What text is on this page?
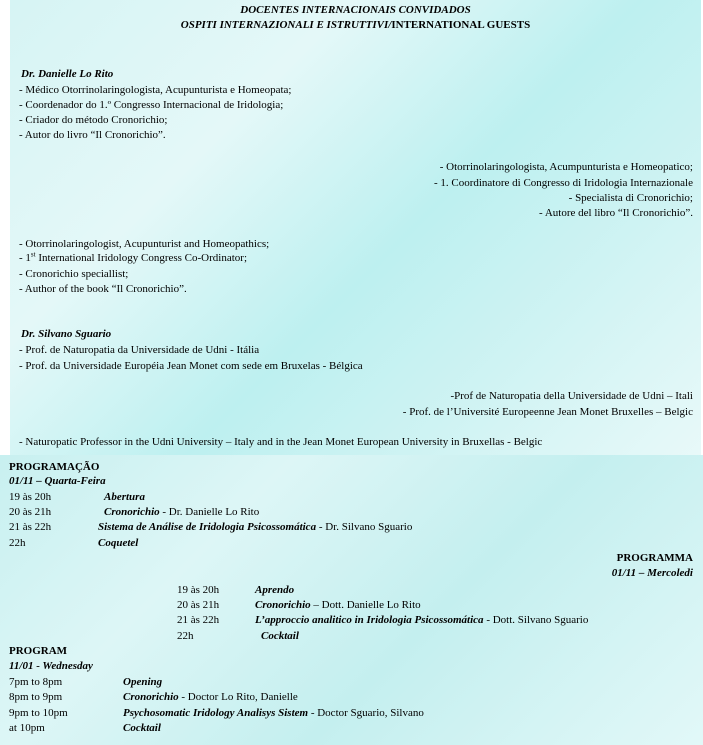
DOCENTES INTERNACIONAIS CONVIDADOS
OSPITI INTERNAZIONALI E ISTRUTTIVI/INTERNATIONAL GUESTS
Dr. Danielle Lo Rito
- Médico Otorrinolaringologista, Acupunturista e Homeopata;
- Coordenador do 1.º Congresso Internacional de Iridologia;
- Criador do método Cronorichio;
- Autor do livro “Il Cronorichio”.
- Otorrinolaringologista, Acumpunturista e Homeopatico;
- 1. Coordinatore di Congresso di Iridologia Internazionale
- Specialista di Cronorichio;
- Autore del libro “Il Cronorichio”.
- Otorrinolaringologist, Acupunturist and Homeopathics;
- 1st International Iridology Congress Co-Ordinator;
- Cronorichio speciallist;
- Author of the book “Il Cronorichio”.
Dr. Silvano Sguario
- Prof. de Naturopatia da Universidade de Udni - Itália
- Prof. da Universidade Européia Jean Monet com sede em Bruxelas - Bélgica
-Prof de Naturopatia della Universidade de Udni – Itali
- Prof. de l’Université Europeenne Jean Monet Bruxelles – Belgic
- Naturopatic Professor in the Udni University – Italy and in the Jean Monet European University in Bruxellas - Belgic
PROGRAMAÇÃO
01/11 – Quarta-Feira
19 às 20h	Abertura
20 às 21h	Cronorichio - Dr. Danielle Lo Rito
21 às 22h	Sistema de Análise de Iridologia Psicossomática - Dr. Silvano Sguario
22h	Coquetel
PROGRAMMA
01/11 – Mercoledi
19 às 20h	Aprendo
20 às 21h	Cronorichio – Dott. Danielle Lo Rito
21 às 22h	L’approccio analitico in Iridologia Psicossomática - Dott. Silvano Sguario
22h	Cocktail
PROGRAM
11/01 - Wednesday
7pm to 8pm	Opening
8pm to 9pm	Cronorichio - Doctor Lo Rito, Danielle
9pm to 10pm	Psychosomatic Iridology Analisys Sistem - Doctor Sguario, Silvano
at 10pm	Cocktail
